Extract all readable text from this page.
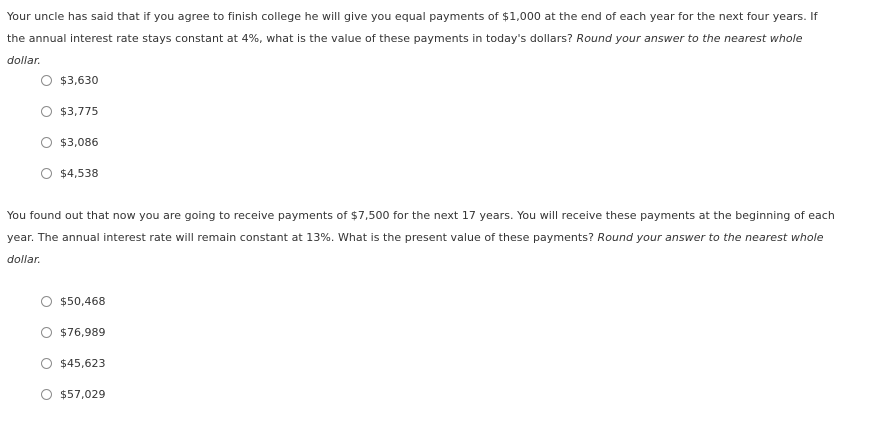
Your uncle has said that if you agree to finish college he will give you equal payments of $1,000 at the end of each year for the next four years. If the annual interest rate stays constant at 4%, what is the value of these payments in today's dollars? Round your answer to the nearest whole dollar.
$3,630
$3,775
$3,086
$4,538
You found out that now you are going to receive payments of $7,500 for the next 17 years. You will receive these payments at the beginning of each year. The annual interest rate will remain constant at 13%. What is the present value of these payments? Round your answer to the nearest whole dollar.
$50,468
$76,989
$45,623
$57,029
